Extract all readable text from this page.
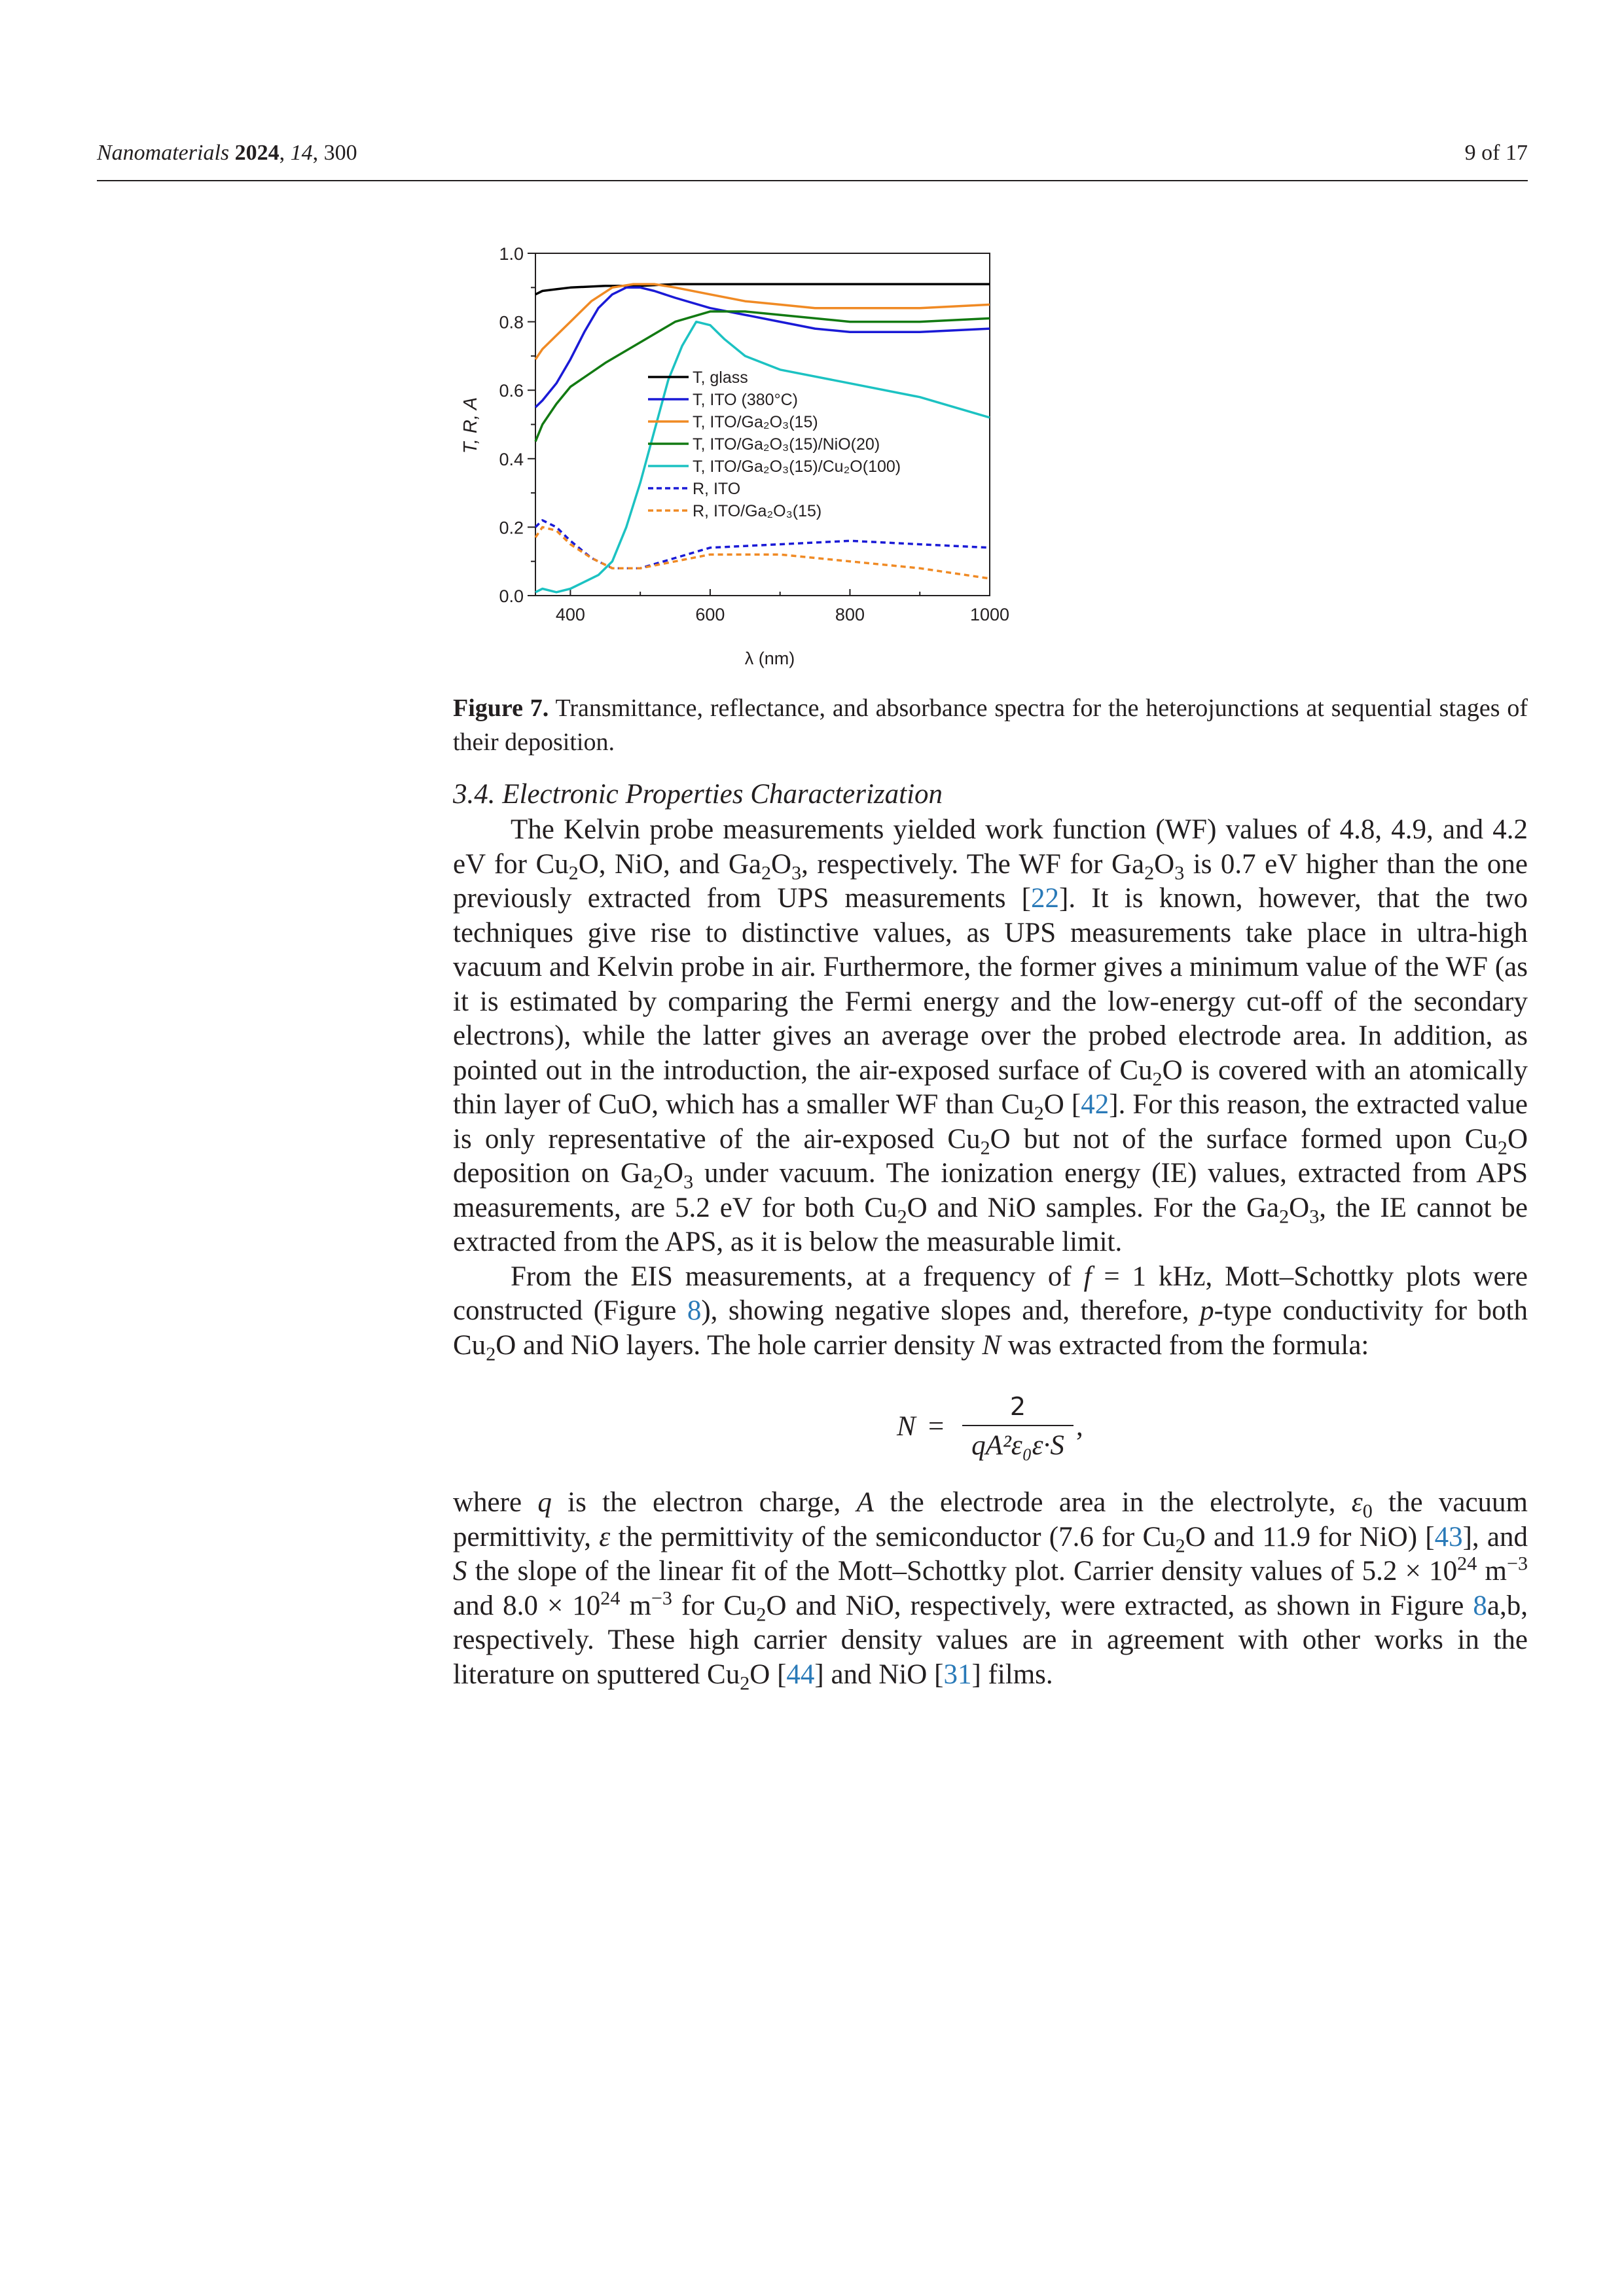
Nanomaterials 2024, 14, 300	9 of 17
400	600	800	1000
0.0
0.2
0.4
0.6
0.8
1.0
T, glass
T, ITO (380°C)
T, ITO/Ga₂O₃(15)
T, ITO/Ga₂O₃(15)/NiO(20)
T, ITO/Ga₂O₃(15)/Cu₂O(100)
R, ITO
R, ITO/Ga₂O₃(15)
λ (nm)
T, R, A
Figure 7. Transmittance, reflectance, and absorbance spectra for the heterojunctions at sequential stages of their deposition.
3.4. Electronic Properties Characterization

The Kelvin probe measurements yielded work function (WF) values of 4.8, 4.9, and 4.2 eV for $Cu_2O$, NiO, and $Ga_2O_3$, respectively. The WF for $Ga_2O_3$ is 0.7 eV higher than the one previously extracted from UPS measurements [22]. It is known, however, that the two techniques give rise to distinctive values, as UPS measurements take place in ultra-high vacuum and Kelvin probe in air. Furthermore, the former gives a minimum value of the WF (as it is estimated by comparing the Fermi energy and the low-energy cut-off of the secondary electrons), while the latter gives an average over the probed electrode area. In addition, as pointed out in the introduction, the air-exposed surface of $Cu_2O$ is covered with an atomically thin layer of CuO, which has a smaller WF than $Cu_2O$ [42]. For this reason, the extracted value is only representative of the air-exposed $Cu_2O$ but not of the surface formed upon $Cu_2O$ deposition on $Ga_2O_3$ under vacuum. The ionization energy (IE) values, extracted from APS measurements, are 5.2 eV for both $Cu_2O$ and NiO samples. For the $Ga_2O_3$, the IE cannot be extracted from the APS, as it is below the measurable limit.

From the EIS measurements, at a frequency of f = 1 kHz, Mott–Schottky plots were constructed (Figure 8), showing negative slopes and, therefore, p-type conductivity for both $Cu_2O$ and NiO layers. The hole carrier density N was extracted from the formula:

N =
2
qA²ε₀ε·S
,

where q is the electron charge, A the electrode area in the electrolyte, $\varepsilon_0$ the vacuum permittivity, ε the permittivity of the semiconductor (7.6 for $Cu_2O$ and 11.9 for NiO) [43], and S the slope of the linear fit of the Mott–Schottky plot. Carrier density values of $5.2 \times 10^{24}$ $m^{-3}$ and $8.0 \times 10^{24}$ $m^{-3}$ for $Cu_2O$ and NiO, respectively, were extracted, as shown in Figure 8a,b, respectively. These high carrier density values are in agreement with other works in the literature on sputtered $Cu_2O$ [44] and NiO [31] films.
